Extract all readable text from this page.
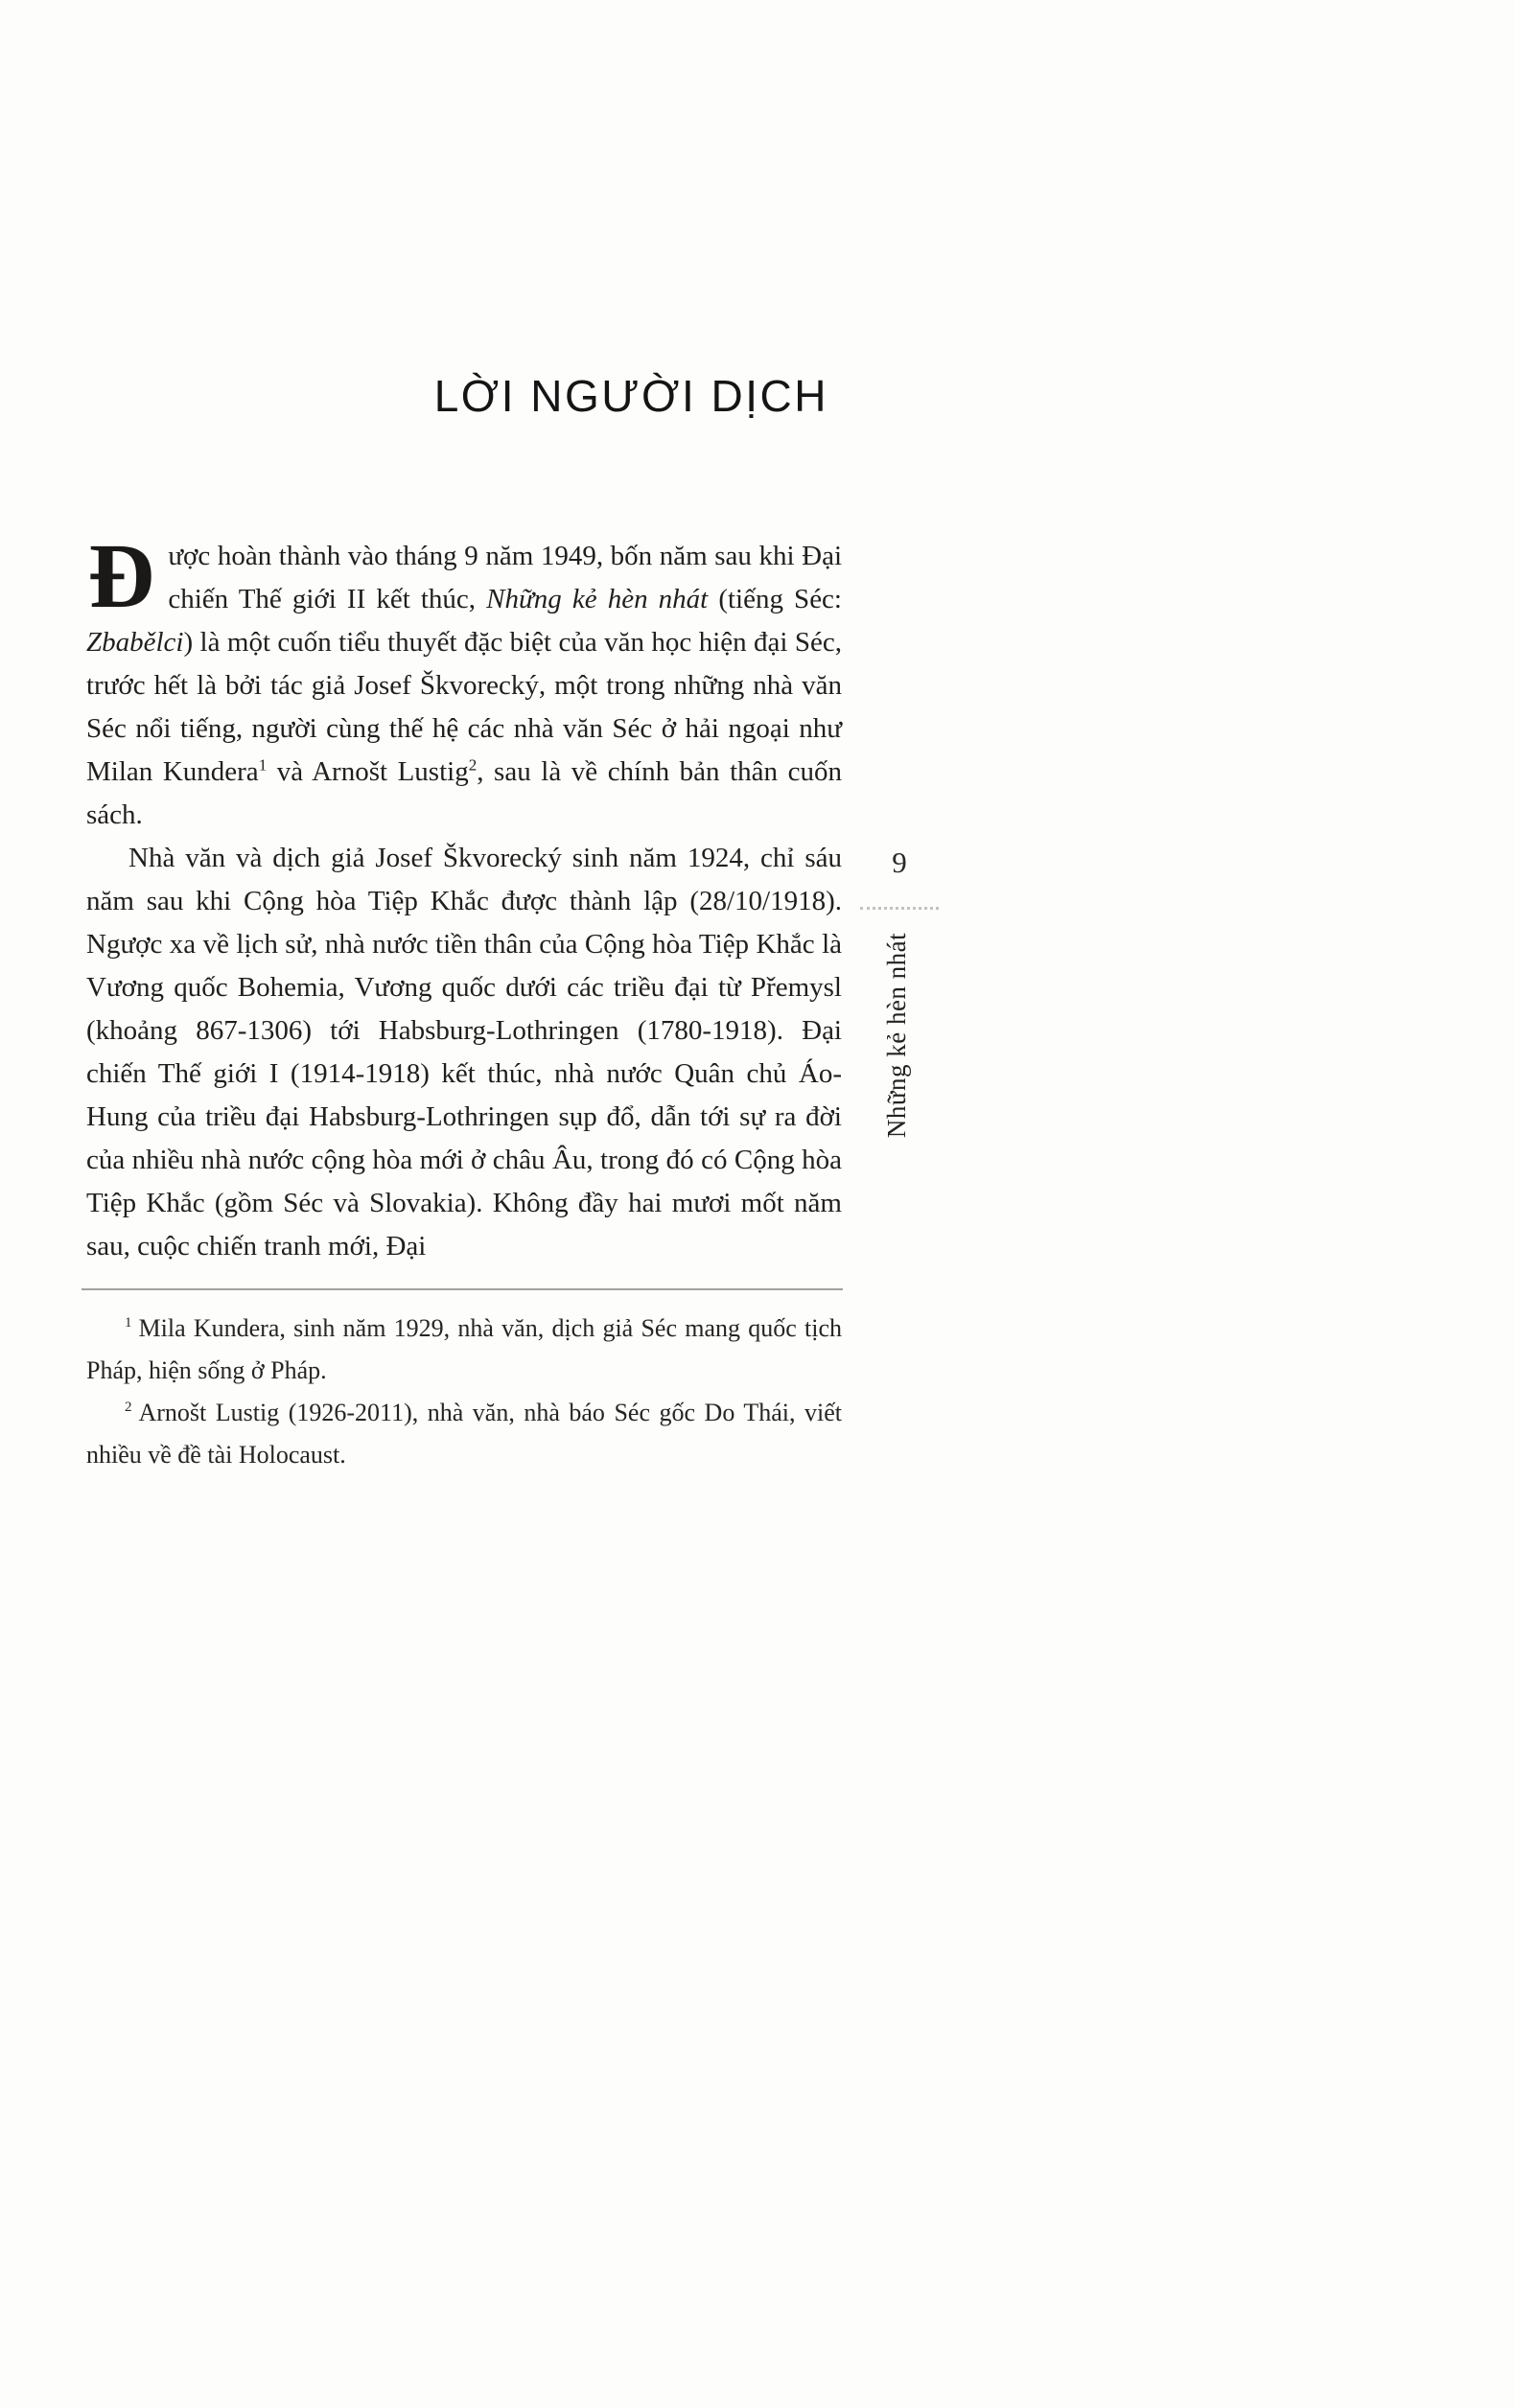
LỜI NGƯỜI DỊCH

Được hoàn thành vào tháng 9 năm 1949, bốn năm sau khi Đại chiến Thế giới II kết thúc, Những kẻ hèn nhát (tiếng Séc: Zbabělci) là một cuốn tiểu thuyết đặc biệt của văn học hiện đại Séc, trước hết là bởi tác giả Josef Škvorecký, một trong những nhà văn Séc nổi tiếng, người cùng thế hệ các nhà văn Séc ở hải ngoại như Milan Kundera$^1$ và Arnošt Lustig$^2$, sau là về chính bản thân cuốn sách.

Nhà văn và dịch giả Josef Škvorecký sinh năm 1924, chỉ sáu năm sau khi Cộng hòa Tiệp Khắc được thành lập (28/10/1918). Ngược xa về lịch sử, nhà nước tiền thân của Cộng hòa Tiệp Khắc là Vương quốc Bohemia, Vương quốc dưới các triều đại từ Přemysl (khoảng 867-1306) tới Habsburg-Lothringen (1780-1918). Đại chiến Thế giới I (1914-1918) kết thúc, nhà nước Quân chủ Áo-Hung của triều đại Habsburg-Lothringen sụp đổ, dẫn tới sự ra đời của nhiều nhà nước cộng hòa mới ở châu Âu, trong đó có Cộng hòa Tiệp Khắc (gồm Séc và Slovakia). Không đầy hai mươi mốt năm sau, cuộc chiến tranh mới, Đại

9
Những kẻ hèn nhát

$^1$ Mila Kundera, sinh năm 1929, nhà văn, dịch giả Séc mang quốc tịch Pháp, hiện sống ở Pháp.

$^2$ Arnošt Lustig (1926-2011), nhà văn, nhà báo Séc gốc Do Thái, viết nhiều về đề tài Holocaust.
